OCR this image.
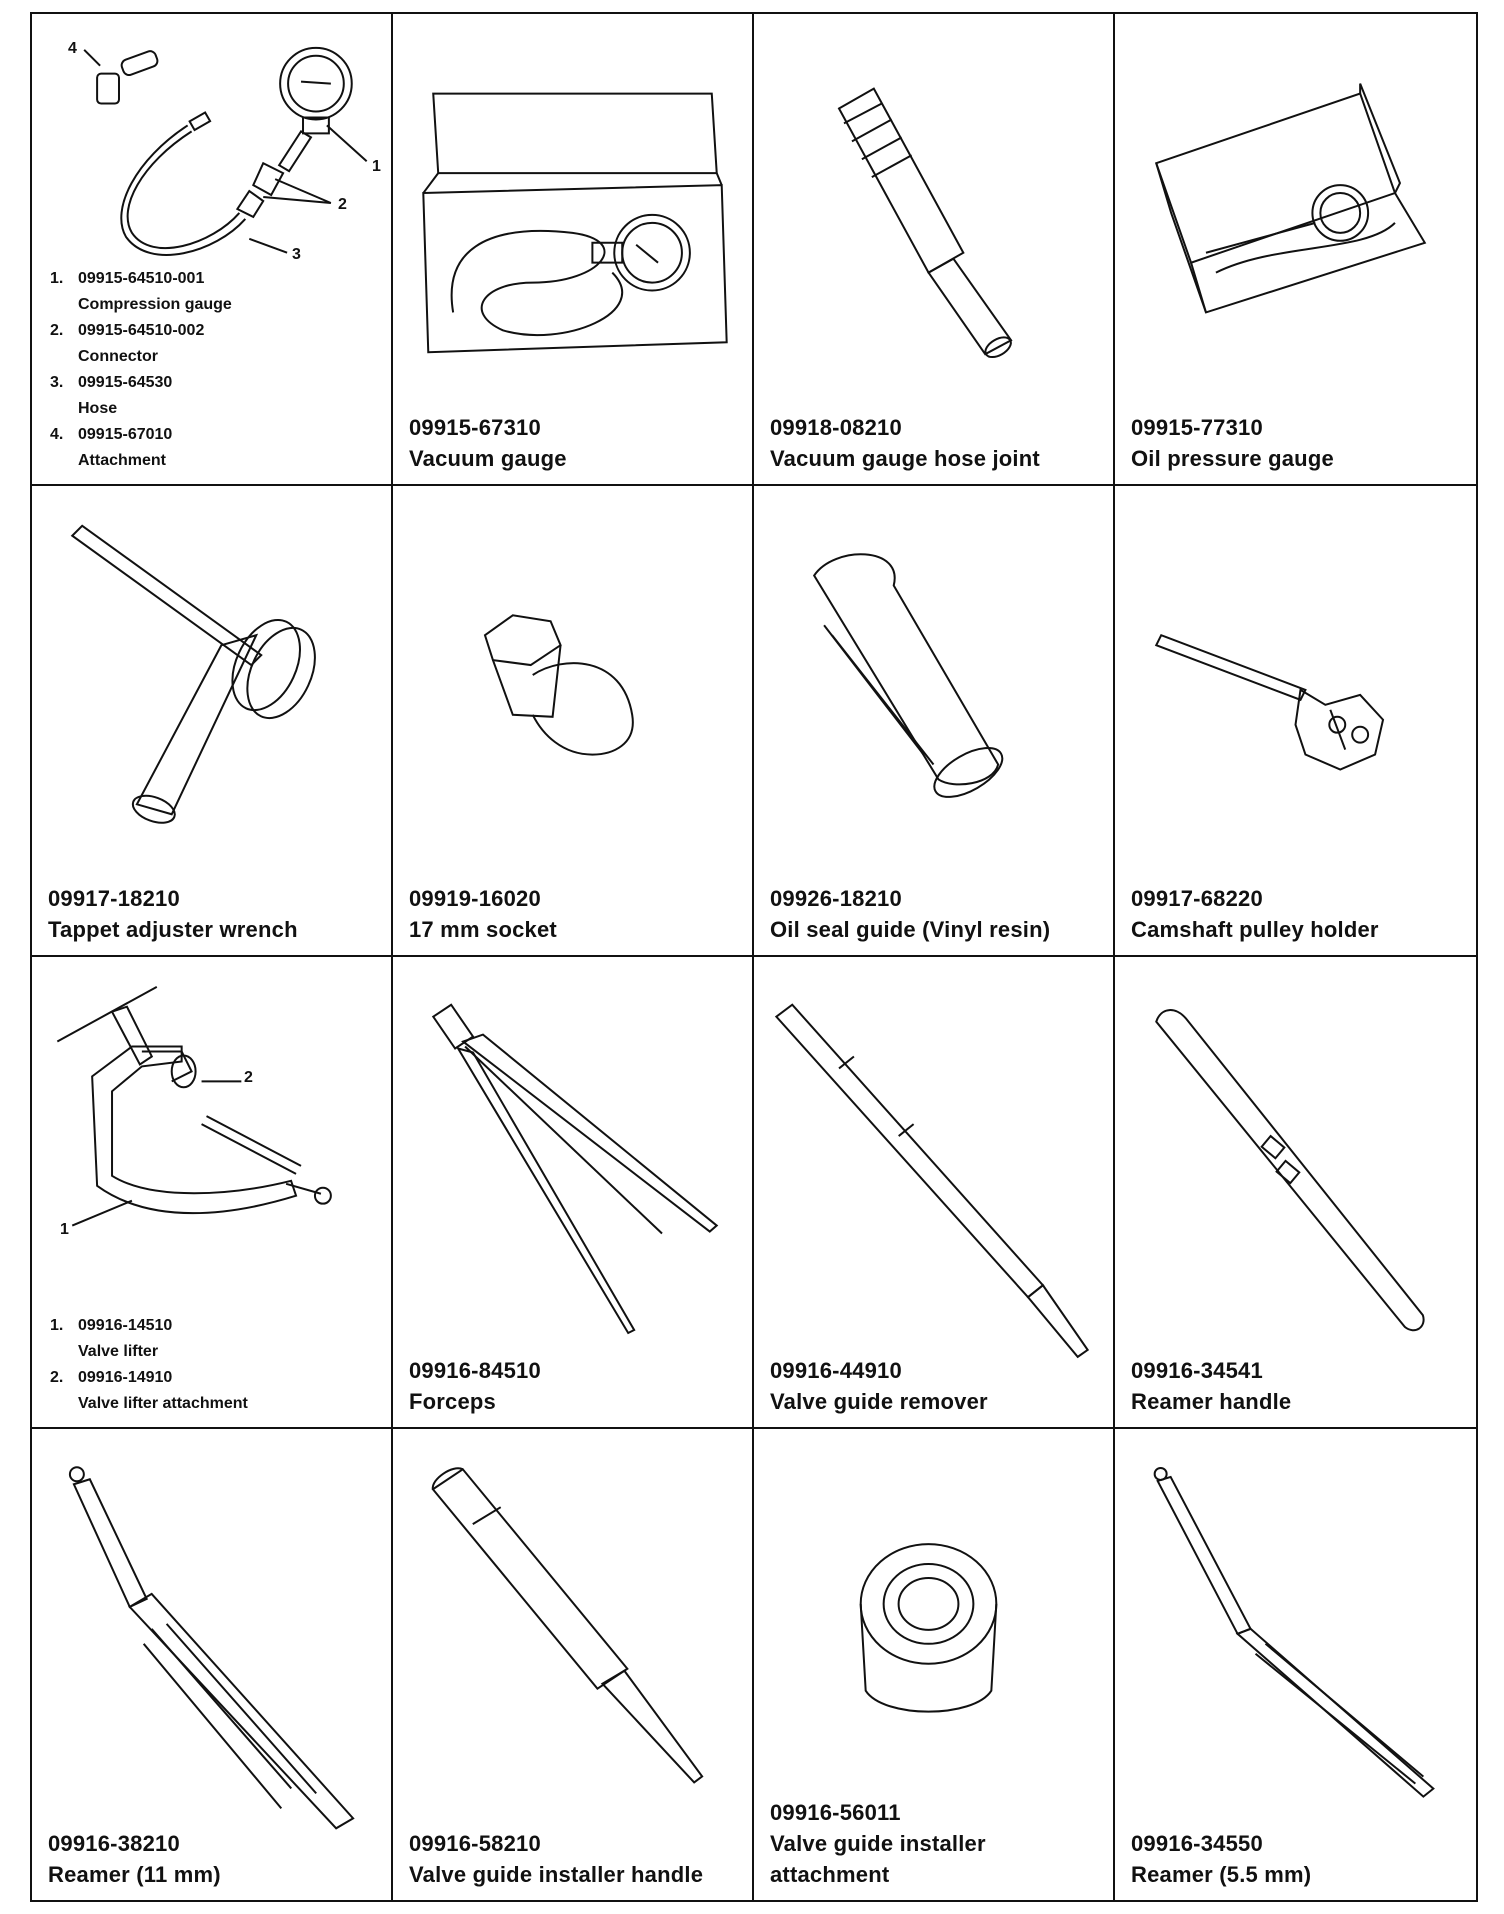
4
1
2
3
1. 09915-64510-001
Compression gauge
2. 09915-64510-002
Connector
3. 09915-64530
Hose
4. 09915-67010
Attachment
09915-67310
Vacuum gauge
09918-08210
Vacuum gauge hose joint
09915-77310
Oil pressure gauge
09917-18210
Tappet adjuster wrench
09919-16020
17 mm socket
09926-18210
Oil seal guide (Vinyl resin)
09917-68220
Camshaft pulley holder
2
1
1. 09916-14510
Valve lifter
2. 09916-14910
Valve lifter attachment
09916-84510
Forceps
09916-44910
Valve guide remover
09916-34541
Reamer handle
09916-38210
Reamer (11 mm)
09916-58210
Valve guide installer handle
09916-56011
Valve guide installer
attachment
09916-34550
Reamer (5.5 mm)
